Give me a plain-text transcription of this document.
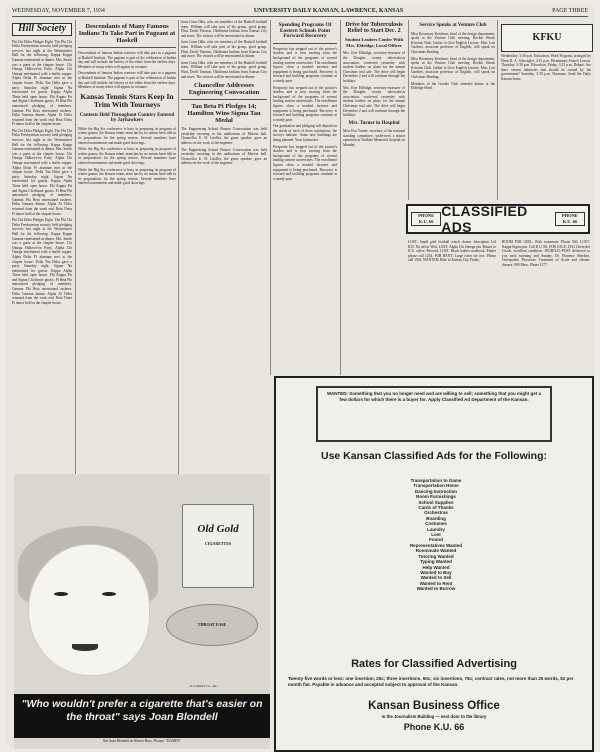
WEDNESDAY, NOVEMBER 7, 1934	UNIVERSITY DAILY KANSAN, LAWRENCE, KANSAS	PAGE THREE
Hill Society

Phi Chi Delta Pledges Eight. The Phi Chi Delta Presbyterian sorority held pledging services last night at the Westminster Hall for the following. Kappa Kappa Gamma entertained at dinner. Mrs. Smith was a guest at the chapter house. Chi Omega Hallowe'en Party. Alpha Chi Omega entertained with a buffet supper. Alpha Delta Pi alumnae met at the chapter house. Delta Tau Delta gave a party Saturday night. Sigma Nu entertained for guests. Kappa Alpha Theta held open house. Phi Kappa Psi and Sigma Chi dinner guests. Pi Beta Phi announced pledging of members. Gamma Phi Beta entertained rushees. Delta Gamma dinner. Alpha Xi Delta returned from the week end. Beta Theta Pi dance held at the chapter house.

Phi Chi Delta Pledges Eight. The Phi Chi Delta Presbyterian sorority held pledging services last night at the Westminster Hall for the following. Kappa Kappa Gamma entertained at dinner. Mrs. Smith was a guest at the chapter house. Chi Omega Hallowe'en Party. Alpha Chi Omega entertained with a buffet supper. Alpha Delta Pi alumnae met at the chapter house. Delta Tau Delta gave a party Saturday night. Sigma Nu entertained for guests. Kappa Alpha Theta held open house. Phi Kappa Psi and Sigma Chi dinner guests. Pi Beta Phi announced pledging of members. Gamma Phi Beta entertained rushees. Delta Gamma dinner. Alpha Xi Delta returned from the week end. Beta Theta Pi dance held at the chapter house.

Phi Chi Delta Pledges Eight. The Phi Chi Delta Presbyterian sorority held pledging services last night at the Westminster Hall for the following. Kappa Kappa Gamma entertained at dinner. Mrs. Smith was a guest at the chapter house. Chi Omega Hallowe'en Party. Alpha Chi Omega entertained with a buffet supper. Alpha Delta Pi alumnae met at the chapter house. Delta Tau Delta gave a party Saturday night. Sigma Nu entertained for guests. Kappa Alpha Theta held open house. Phi Kappa Psi and Sigma Chi dinner guests. Pi Beta Phi announced pledging of members. Gamma Phi Beta entertained rushees. Delta Gamma dinner. Alpha Xi Delta returned from the week end. Beta Theta Pi dance held at the chapter house.

Descendants of Many Famous Indians To Take Part in Pageant at Haskell

Descendants of famous Indian warriors will take part in a pageant at Haskell Institute. The pageant is part of the celebration of Indian day and will include the history of the tribes from the earliest days. Members of many tribes will appear in costume.

Descendants of famous Indian warriors will take part in a pageant at Haskell Institute. The pageant is part of the celebration of Indian day and will include the history of the tribes from the earliest days. Members of many tribes will appear in costume.

Kansas Tennis Stars Keep In Trim With Tourneys
Contests Held Throughout Country Entered by Jayhawkers

While the Big Six conference is busy in preparing its program of winter games, the Kansas tennis team has by no means been idle in its preparations for the spring season. Several members have entered tournaments and made good showings.

While the Big Six conference is busy in preparing its program of winter games, the Kansas tennis team has by no means been idle in its preparations for the spring season. Several members have entered tournaments and made good showings.

While the Big Six conference is busy in preparing its program of winter games, the Kansas tennis team has by no means been idle in its preparations for the spring season. Several members have entered tournaments and made good showings.

from Coun Okla. who are members of the Haskell football team. William will take part of his group, good group, Flint, Dorth Thomas, Oklahoma Indians from Kansas City and more. The visitors will be entertained at dinner.

from Coun Okla. who are members of the Haskell football team. William will take part of his group, good group, Flint, Dorth Thomas, Oklahoma Indians from Kansas City and more. The visitors will be entertained at dinner.

from Coun Okla. who are members of the Haskell football team. William will take part of his group, good group, Flint, Dorth Thomas, Oklahoma Indians from Kansas City and more. The visitors will be entertained at dinner.

Chancellor Addresses Engineering Convocation
Tau Beta Pi Pledges 14; Hamilton Wins Sigma Tau Medal

The Engineering School Honors Convocation was held yesterday morning in the auditorium of Marvin hall. Chancellor E. H. Lindley, the guest speaker, gave an address on the work of the engineer.

The Engineering School Honors Convocation was held yesterday morning in the auditorium of Marvin hall. Chancellor E. H. Lindley, the guest speaker, gave an address on the work of the engineer.

Spending Programs Of Eastern Schools Point Forward Recovery

Prosperity has stepped out of the picture's shadow and is now moving from the background of the programs of several leading eastern universities. The enrollment figures show a marked increase and equipment is being purchased. Recovery is forward and building programs continue at a steady pace.

Prosperity has stepped out of the picture's shadow and is now moving from the background of the programs of several leading eastern universities. The enrollment figures show a marked increase and equipment is being purchased. Recovery is forward and building programs continue at a steady pace.

Our graduation and pledging will depend on the needs of each of these institutions, the surveys indicate. Some new buildings are being planned. Your Jayhawker.

Prosperity has stepped out of the picture's shadow and is now moving from the background of the programs of several leading eastern universities. The enrollment figures show a marked increase and equipment is being purchased. Recovery is forward and building programs continue at a steady pace.

Drive for Tuberculosis Relief to Start Dec. 2
Student Leaders Confer With Mrs. Eldridge, Local Officer

Mrs. Erie Eldridge, secretary-treasurer of the Douglas county tuberculosis association, conferred yesterday with student leaders on plans for the annual Christmas seal sale. The drive will begin December 2 and will continue through the holidays.

Mrs. Erie Eldridge, secretary-treasurer of the Douglas county tuberculosis association, conferred yesterday with student leaders on plans for the annual Christmas seal sale. The drive will begin December 2 and will continue through the holidays.

Mrs. Turner in Hospital

Miss Eva Turner, secretary of the national standing committee, underwent a minor operation at Watkins Memorial hospital on Monday.

Service Speaks at Venture Club

Miss Rosemary Ketchum, head of the design department, spoke at the Venture Club meeting. Rocker Heads Kiwanis Club. Gather to Give English Lecture. Miss Lois Gardner, associate professor of English, will speak on Christmas Reading.

Miss Rosemary Ketchum, head of the design department, spoke at the Venture Club meeting. Rocker Heads Kiwanis Club. Gather to Give English Lecture. Miss Lois Gardner, associate professor of English, will speak on Christmas Reading.

Members of the Goodie Club attended dinner at the Eldridge Hotel.

KFKU

Wednesday. 3:30 p.m. Education. Work Program, arranged by Dean R. A. Schwegler. 4:15 p.m. Elementary French Lesson. Thursday. 3:30 p.m. Education. Friday. 3:15 p.m. Debate. Are there certain industries that should be owned by the government? Saturday. 3:30 p.m. Harmony. Send the Daily Kansan home.

PHONE
K.U. 66
CLASSIFIED ADS
PHONE
K.U. 66

LOST: Small gold football watch charm. Inscription Lid R.D. No ad for Wed. LOST: Alpha Chi Omega pin. Return to K.U. office. Reward. LOST: Black leather notebook. Finder please call 1234. FOR RENT: Large room for two. Please call 1504. WANTED: Ride to Kansas City Friday.

ROOM FOR GIRL: With roommate. Phone 560. LOST: Kappa Sigma pin. Call K.U. 66. FOR SALE: 1931 Chevrolet Coach, excellent condition. JOURNAL-POST delivered to you each morning and Sunday. Dr. Florence Sherbon, Osteopathic Physician. Treatment of Acute and chronic disease. 909 Mass. Phone 1577.

Old Gold
CIGARETTES
THROAT EASE
P. Lorillard Co., Inc.
"Who wouldn't prefer a cigarette that's easier on the throat" says Joan Blondell
See Joan Blondell in Warner Bros. Picture, "DAMES"
WANTED: Something that you no longer need and are willing to sell; something that you might get a few dollars for which there is a buyer for. Apply Classified Ad Department of the Kansan.
Use Kansan Classified Ads for the Following:
Transportation to Game
Transportation Home
Dancing Instruction
Room Furnishings
School Supplies
Cards of Thanks
Orchestras
Boarding
Costumes
Laundry
Lost
Found
Representatives Wanted
Roommate Wanted
Tutoring Wanted
Typing Wanted
Help Wanted
Wanted to Buy
Wanted to Sell
Wanted to Rent
Wanted to Borrow
Rates for Classified Advertising
Twenty-five words or less: one insertion, 25c; three insertions, 50c; six insertions, 75c; contract rates, not more than 25 words, $2 per month flat. Payable in advance and accepted subject to approval of the Kansan.
Kansan Business Office
in the Journalism Building — next door to the library
Phone K.U. 66
